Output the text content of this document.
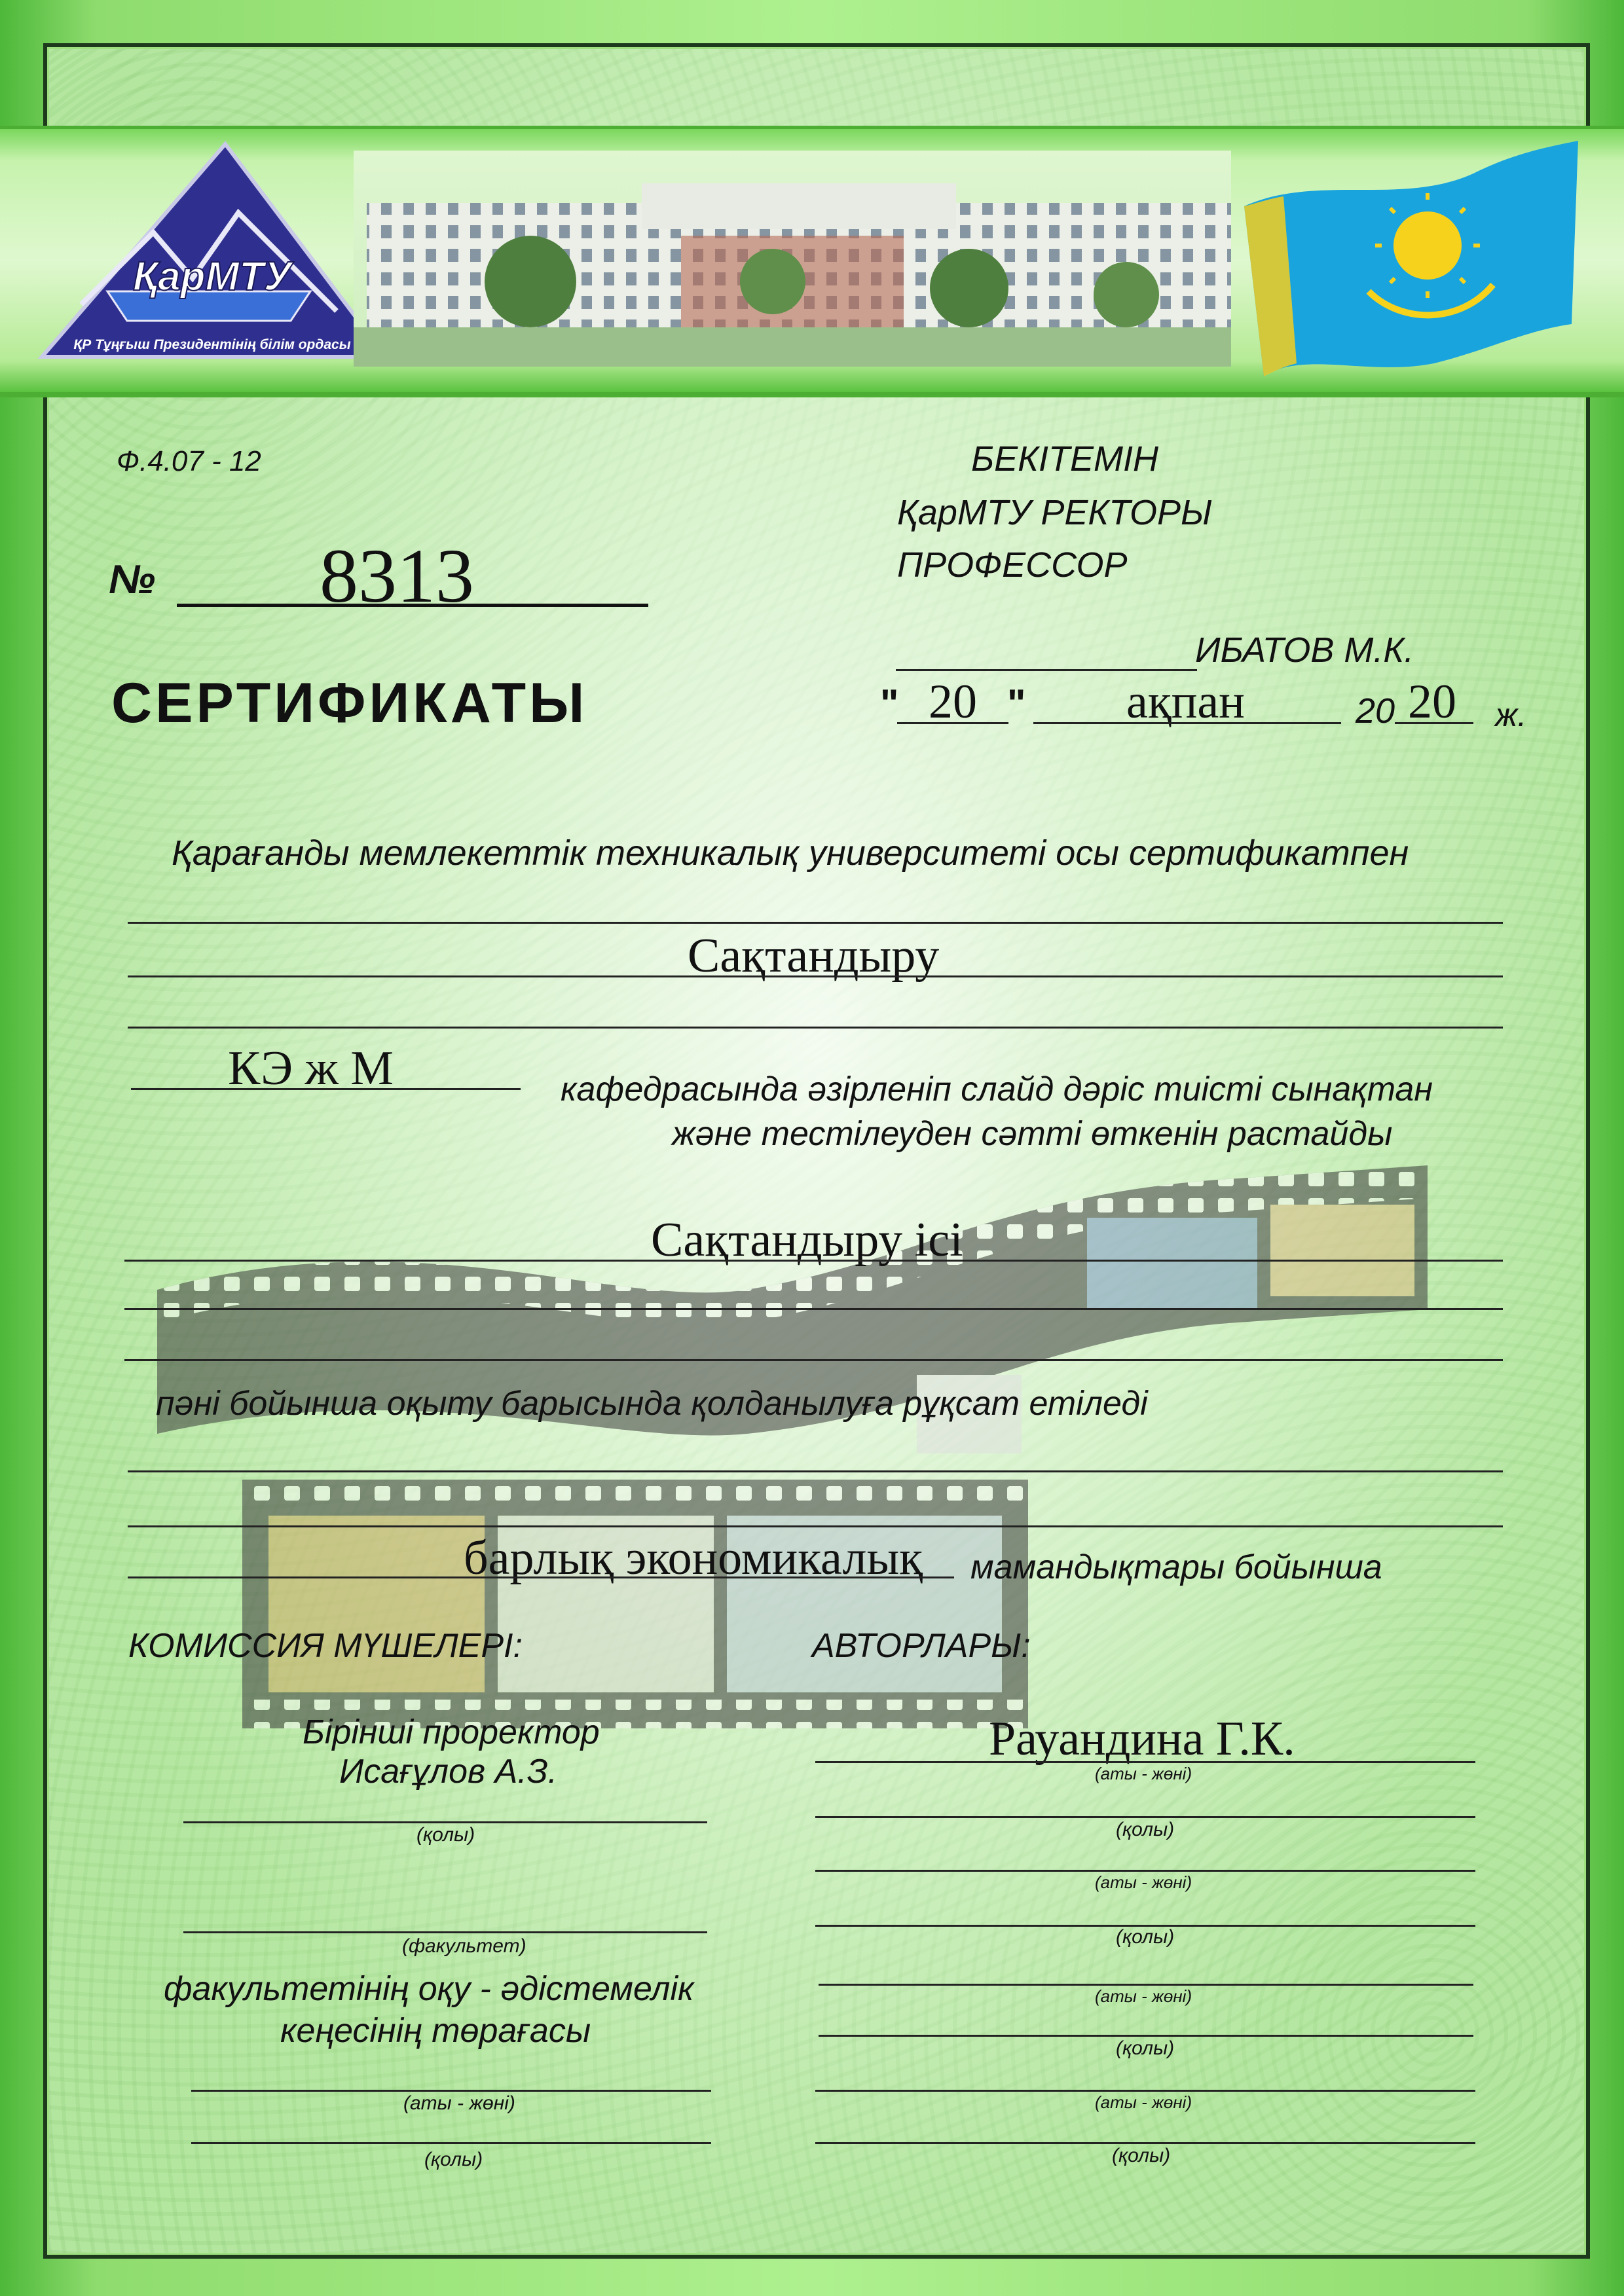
ҚарМТУ
ҚР Тұңғыш Президентінің білім ордасы
Ф.4.07 - 12
№ 8313
СЕРТИФИКАТЫ
БЕКІТЕМІН
ҚарМТУ РЕКТОРЫ
ПРОФЕССОР
ИБАТОВ М.К.
" 20 " ақпан	20 20 ж.
Қарағанды мемлекеттік техникалық университеті осы сертификатпен
Сақтандыру
КЭ ж М	кафедрасында әзірленіп слайд дәріс тиісті сынақтан
және тестілеуден сәтті өткенін растайды
Сақтандыру ісі
пәні бойынша оқыту барысында қолданылуға рұқсат етіледі
барлық экономикалық мамандықтары бойынша
КОМИССИЯ МҮШЕЛЕРІ:
Бірінші проректор
Исағұлов А.З.
(қолы)
(факультет)
факультетінің оқу - әдістемелік
кеңесінің төрағасы
(аты - жөні)
(қолы)
АВТОРЛАРЫ:
Рауандина Г.К.
(аты - жөні)
(қолы)
(аты - жөні)
(қолы)
(аты - жөні)
(қолы)
(аты - жөні)
(қолы)
